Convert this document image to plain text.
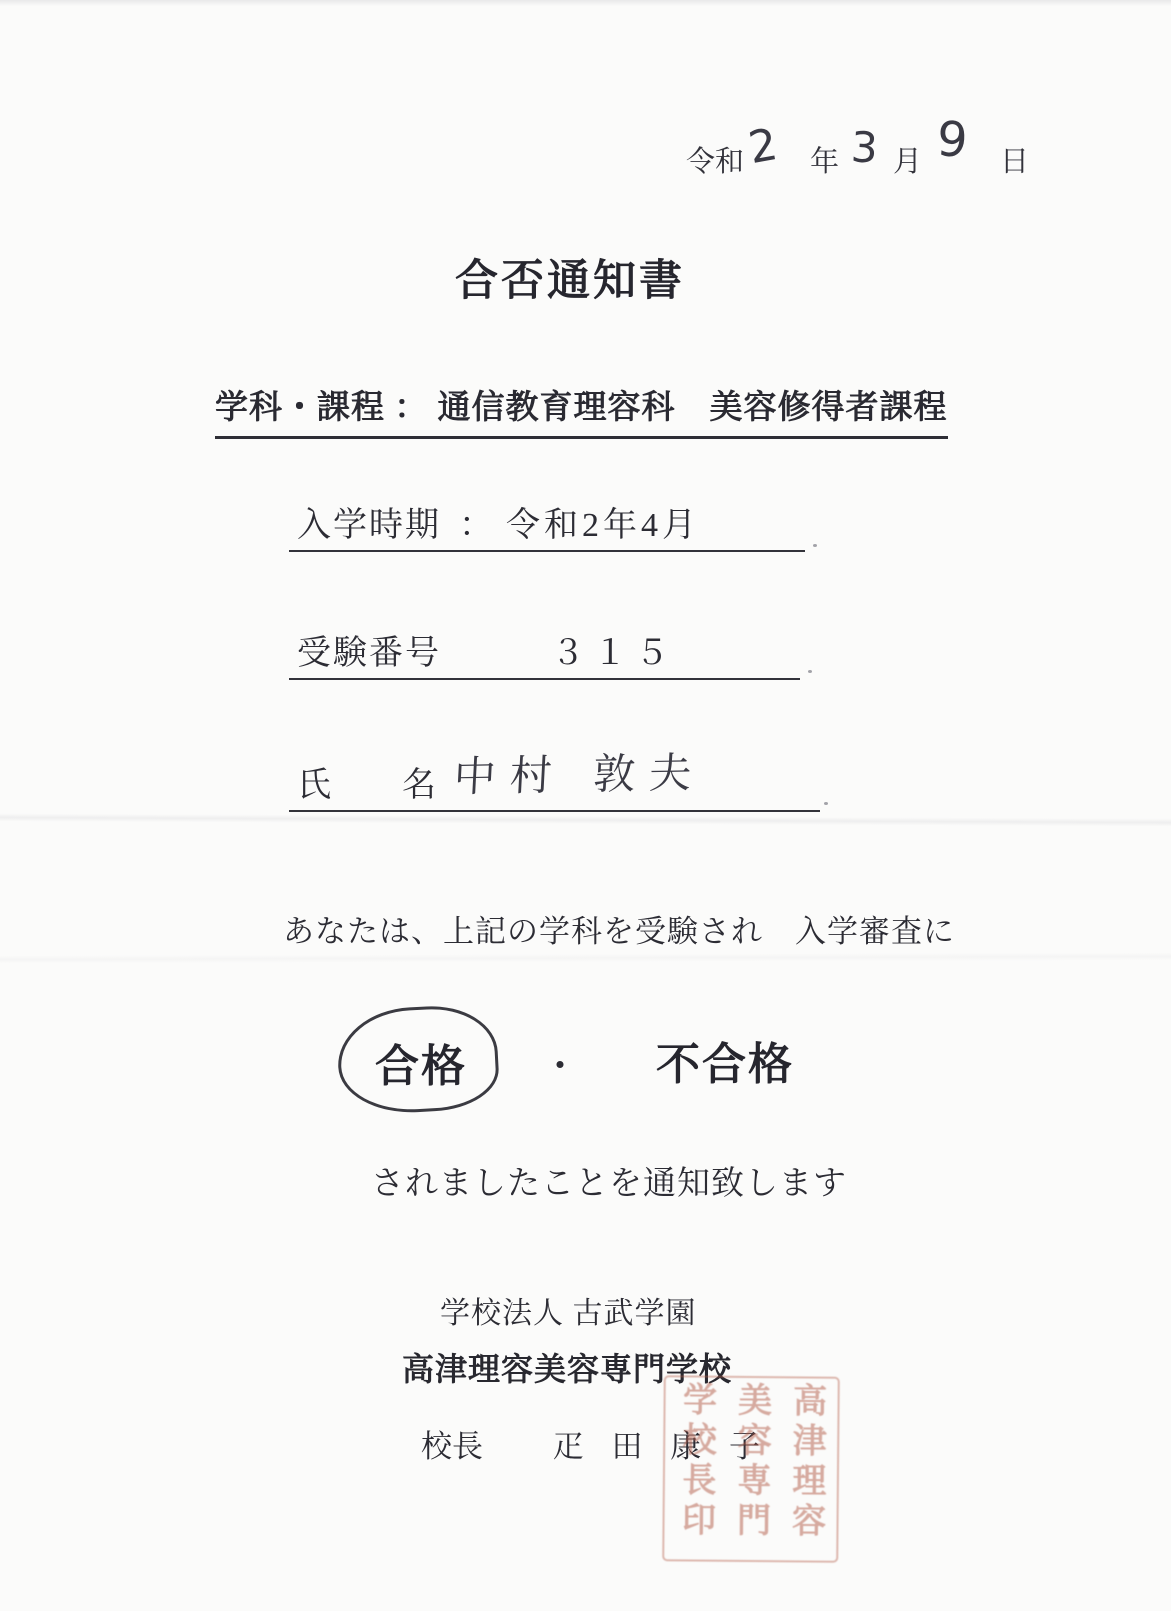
令和 2 年 3 月 9 日
合否通知書
学科・課程 ： 通信教育理容科　美容修得者課程
入学時期 ： 令和2年4月
受験番号	３１５
氏 名 中村 敦夫
あなたは、上記の学科を受験され　入学審査に
合格 ・ 不合格
されましたことを通知致します
学校法人 古武学園
高津理容美容専門学校
校長 疋 田 康 子 高津理容美容専門学校長印
